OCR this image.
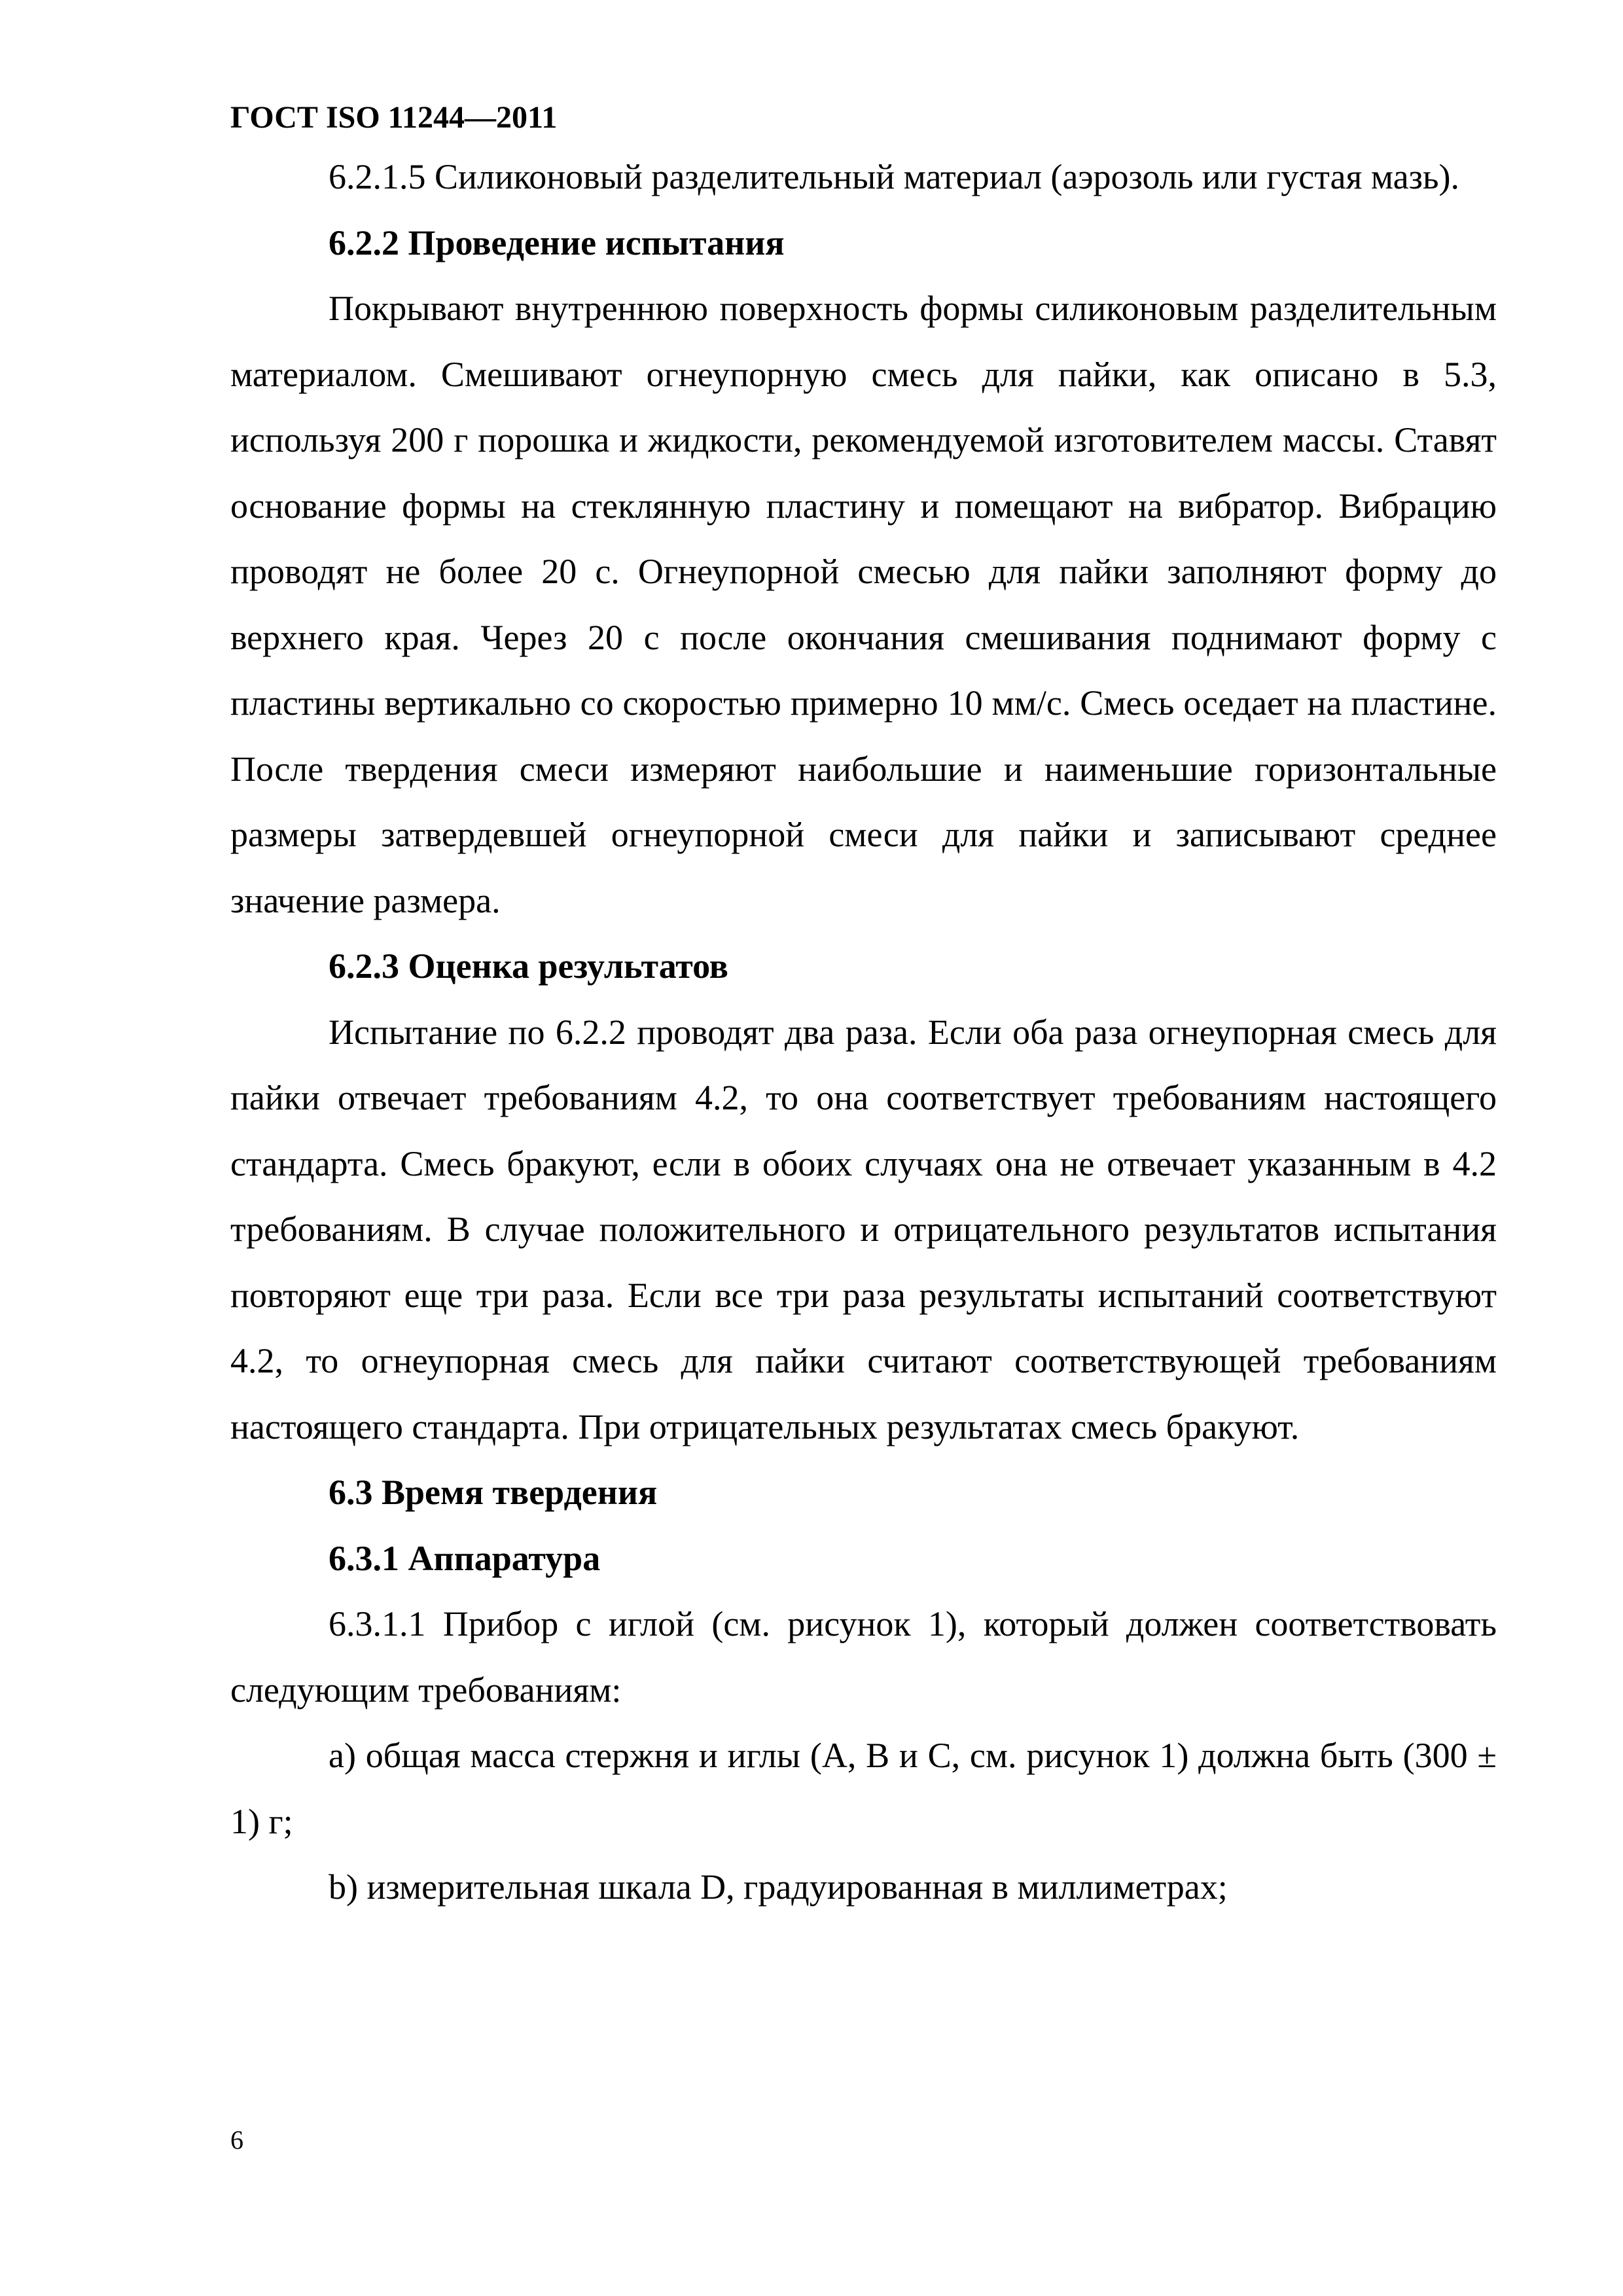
ГОСТ ISO 11244—2011

6.2.1.5 Силиконовый разделительный материал (аэрозоль или густая мазь).

6.2.2 Проведение испытания

Покрывают внутреннюю поверхность формы силиконовым разделительным материалом. Смешивают огнеупорную смесь для пайки, как описано в 5.3, используя 200 г порошка и жидкости, рекомендуемой изготовителем массы. Ставят основание формы на стеклянную пластину и помещают на вибратор. Вибрацию проводят не более 20 с. Огнеупорной смесью для пайки заполняют форму до верхнего края. Через 20 с после окончания смешивания поднимают форму с пластины вертикально со скоростью примерно 10 мм/с. Смесь оседает на пластине. После твердения смеси измеряют наибольшие и наименьшие горизонтальные размеры затвердевшей огнеупорной смеси для пайки и записывают среднее значение размера.

6.2.3 Оценка результатов

Испытание по 6.2.2 проводят два раза. Если оба раза огнеупорная смесь для пайки отвечает требованиям 4.2, то она соответствует требованиям настоящего стандарта. Смесь бракуют, если в обоих случаях она не отвечает указанным в 4.2 требованиям. В случае положительного и отрицательного результатов испытания повторяют еще три раза. Если все три раза результаты испытаний соответствуют 4.2, то огнеупорная смесь для пайки считают соответствующей требованиям настоящего стандарта. При отрицательных результатах смесь бракуют.

6.3 Время твердения

6.3.1 Аппаратура

6.3.1.1 Прибор с иглой (см. рисунок 1), который должен соответствовать следующим требованиям:

a) общая масса стержня и иглы (А, В и С, см. рисунок 1) должна быть (300 ± 1) г;

b) измерительная шкала D, градуированная в миллиметрах;

6
